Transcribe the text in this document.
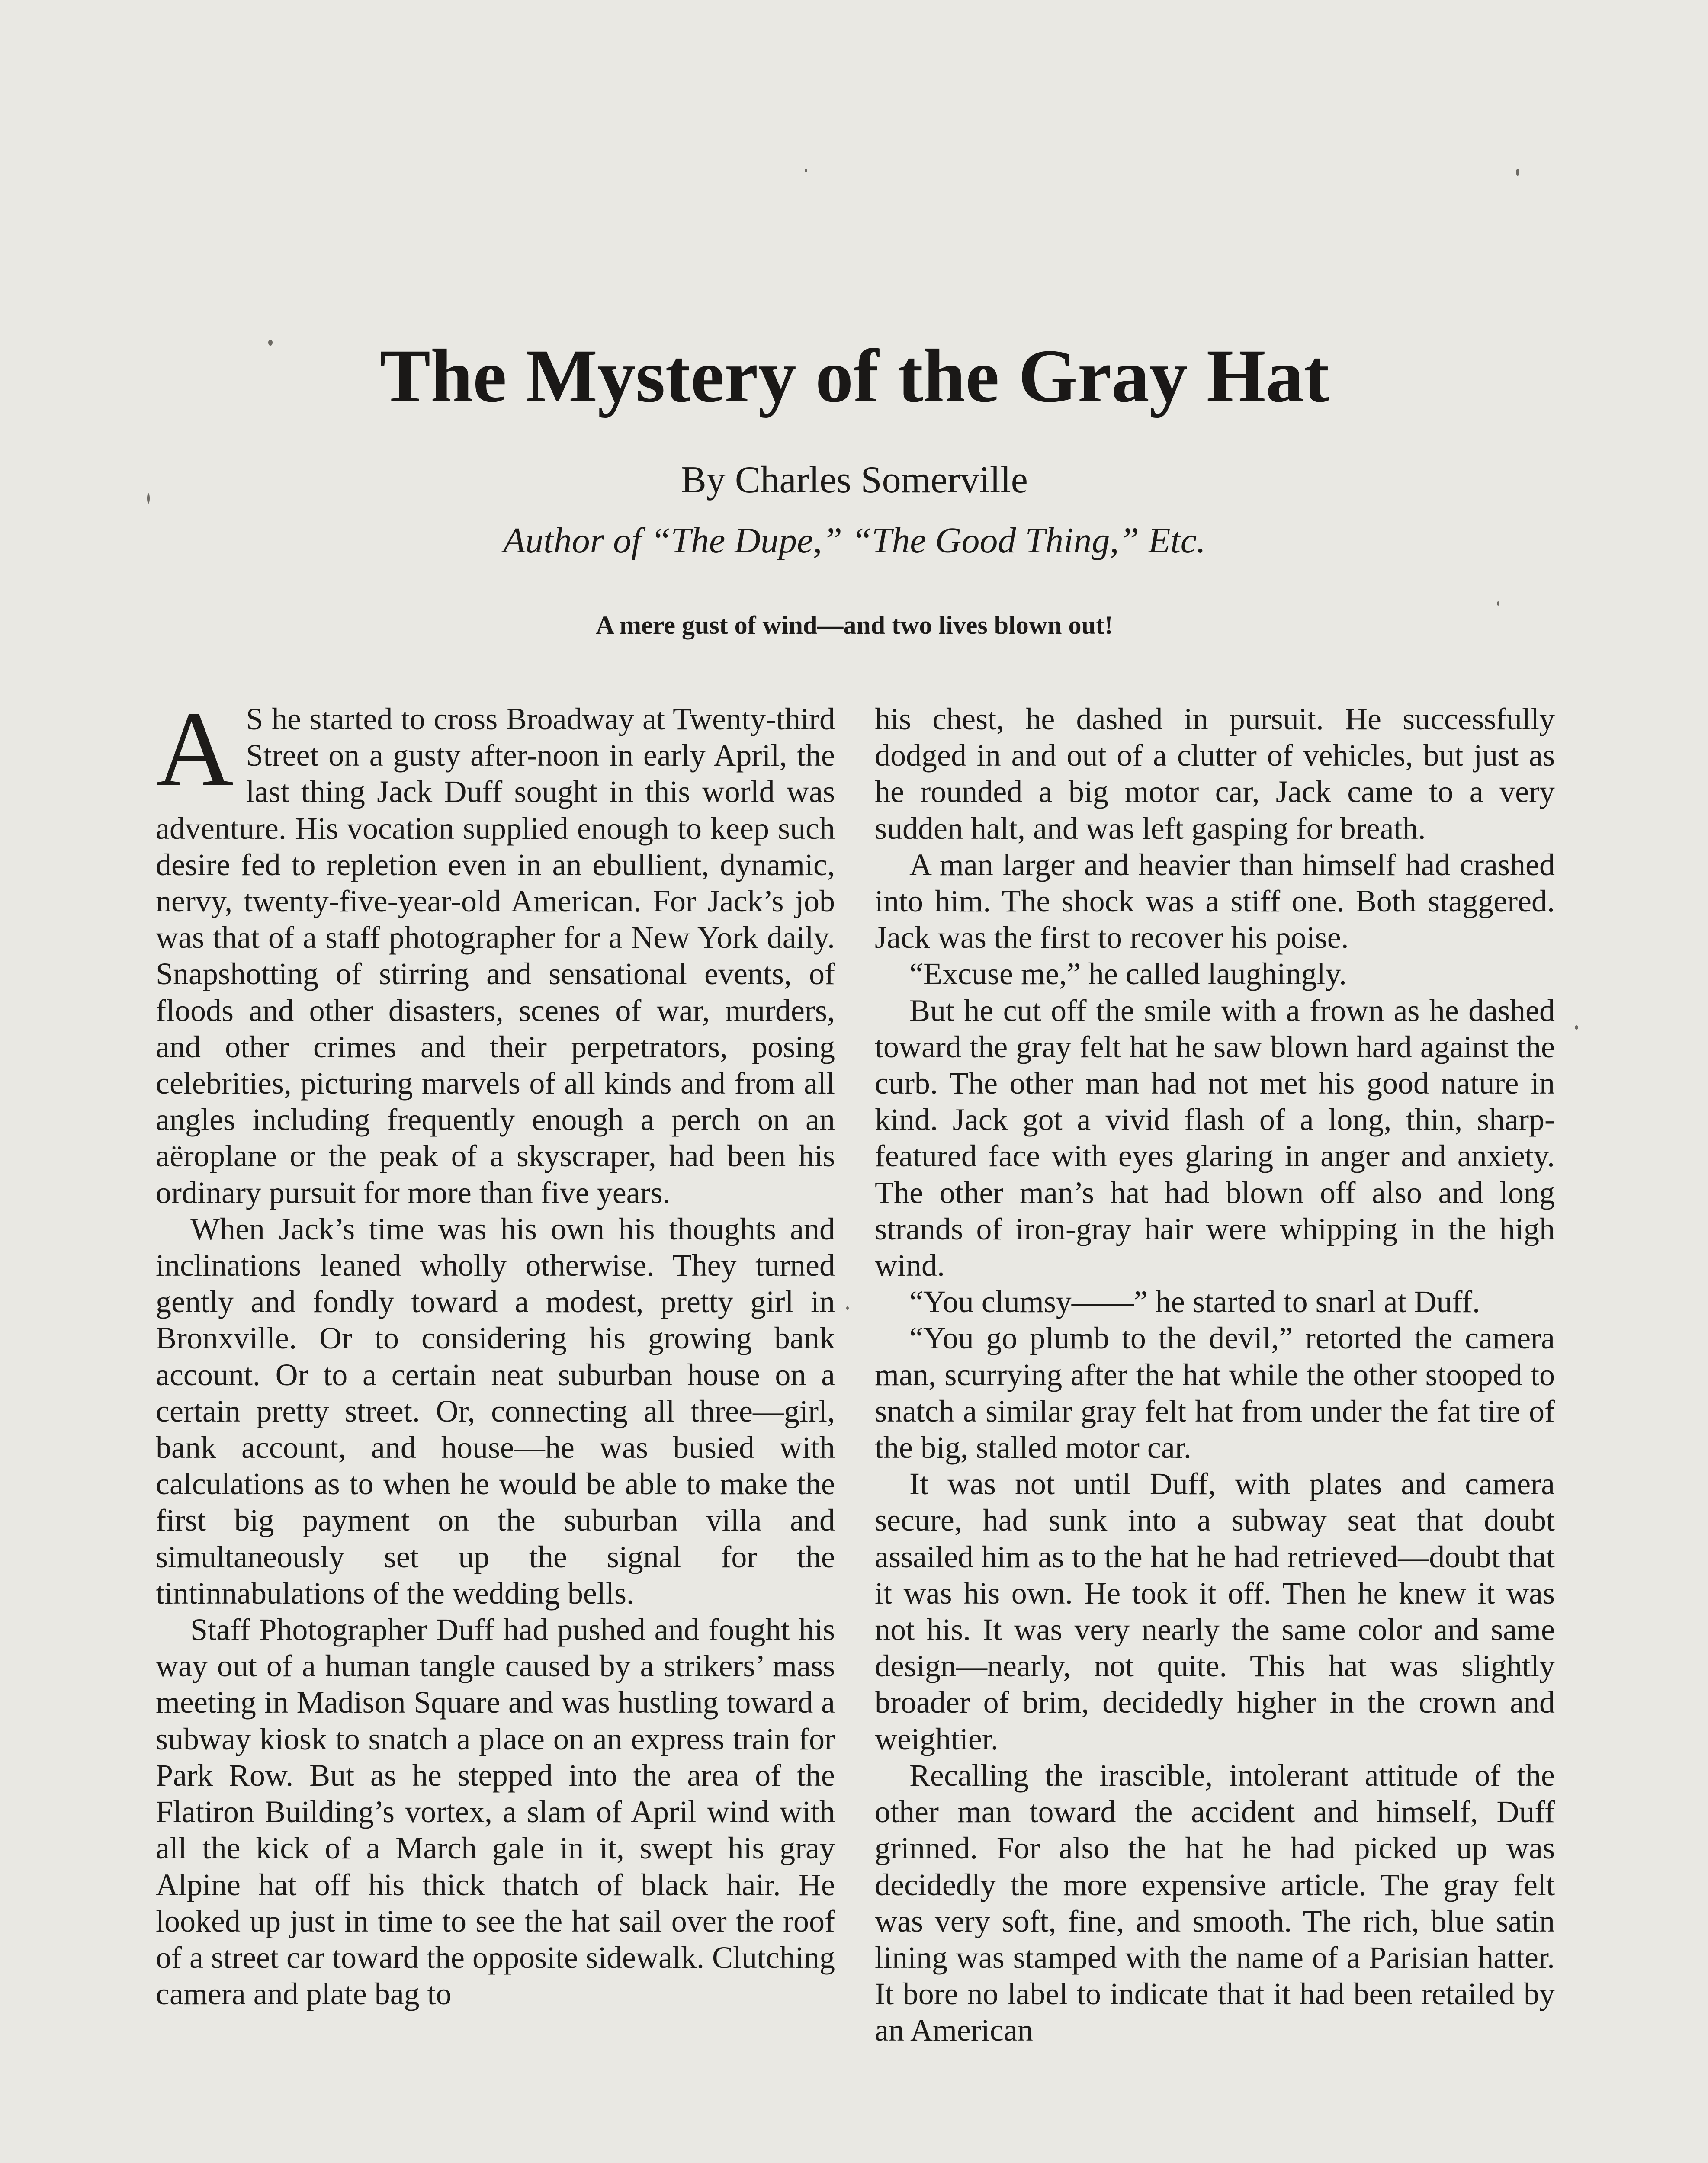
The Mystery of the Gray Hat

By Charles Somerville

Author of “The Dupe,” “The Good Thing,” Etc.

A mere gust of wind—and two lives blown out!

A S he started to cross Broadway at Twenty-third Street on a gusty after-noon in early April, the last thing Jack Duff sought in this world was adventure. His vocation supplied enough to keep such desire fed to repletion even in an ebullient, dynamic, nervy, twenty-five-year-old American. For Jack’s job was that of a staff photographer for a New York daily. Snapshotting of stirring and sensational events, of floods and other disasters, scenes of war, murders, and other crimes and their perpetrators, posing celebrities, picturing marvels of all kinds and from all angles including frequently enough a perch on an aëroplane or the peak of a skyscraper, had been his ordinary pursuit for more than five years.

When Jack’s time was his own his thoughts and inclinations leaned wholly otherwise. They turned gently and fondly toward a modest, pretty girl in Bronxville. Or to considering his growing bank account. Or to a certain neat suburban house on a certain pretty street. Or, connecting all three—girl, bank account, and house—he was busied with calculations as to when he would be able to make the first big payment on the suburban villa and simultaneously set up the signal for the tintinnabulations of the wedding bells.

Staff Photographer Duff had pushed and fought his way out of a human tangle caused by a strikers’ mass meeting in Madison Square and was hustling toward a subway kiosk to snatch a place on an express train for Park Row. But as he stepped into the area of the Flatiron Building’s vortex, a slam of April wind with all the kick of a March gale in it, swept his gray Alpine hat off his thick thatch of black hair. He looked up just in time to see the hat sail over the roof of a street car toward the opposite sidewalk. Clutching camera and plate bag to

his chest, he dashed in pursuit. He successfully dodged in and out of a clutter of vehicles, but just as he rounded a big motor car, Jack came to a very sudden halt, and was left gasping for breath.

A man larger and heavier than himself had crashed into him. The shock was a stiff one. Both staggered. Jack was the first to recover his poise.

“Excuse me,” he called laughingly.

But he cut off the smile with a frown as he dashed toward the gray felt hat he saw blown hard against the curb. The other man had not met his good nature in kind. Jack got a vivid flash of a long, thin, sharp-featured face with eyes glaring in anger and anxiety. The other man’s hat had blown off also and long strands of iron-gray hair were whipping in the high wind.

“You clumsy——” he started to snarl at Duff.

“You go plumb to the devil,” retorted the camera man, scurrying after the hat while the other stooped to snatch a similar gray felt hat from under the fat tire of the big, stalled motor car.

It was not until Duff, with plates and camera secure, had sunk into a subway seat that doubt assailed him as to the hat he had retrieved—doubt that it was his own. He took it off. Then he knew it was not his. It was very nearly the same color and same design—nearly, not quite. This hat was slightly broader of brim, decidedly higher in the crown and weightier.

Recalling the irascible, intolerant attitude of the other man toward the accident and himself, Duff grinned. For also the hat he had picked up was decidedly the more expensive article. The gray felt was very soft, fine, and smooth. The rich, blue satin lining was stamped with the name of a Parisian hatter. It bore no label to indicate that it had been retailed by an American
